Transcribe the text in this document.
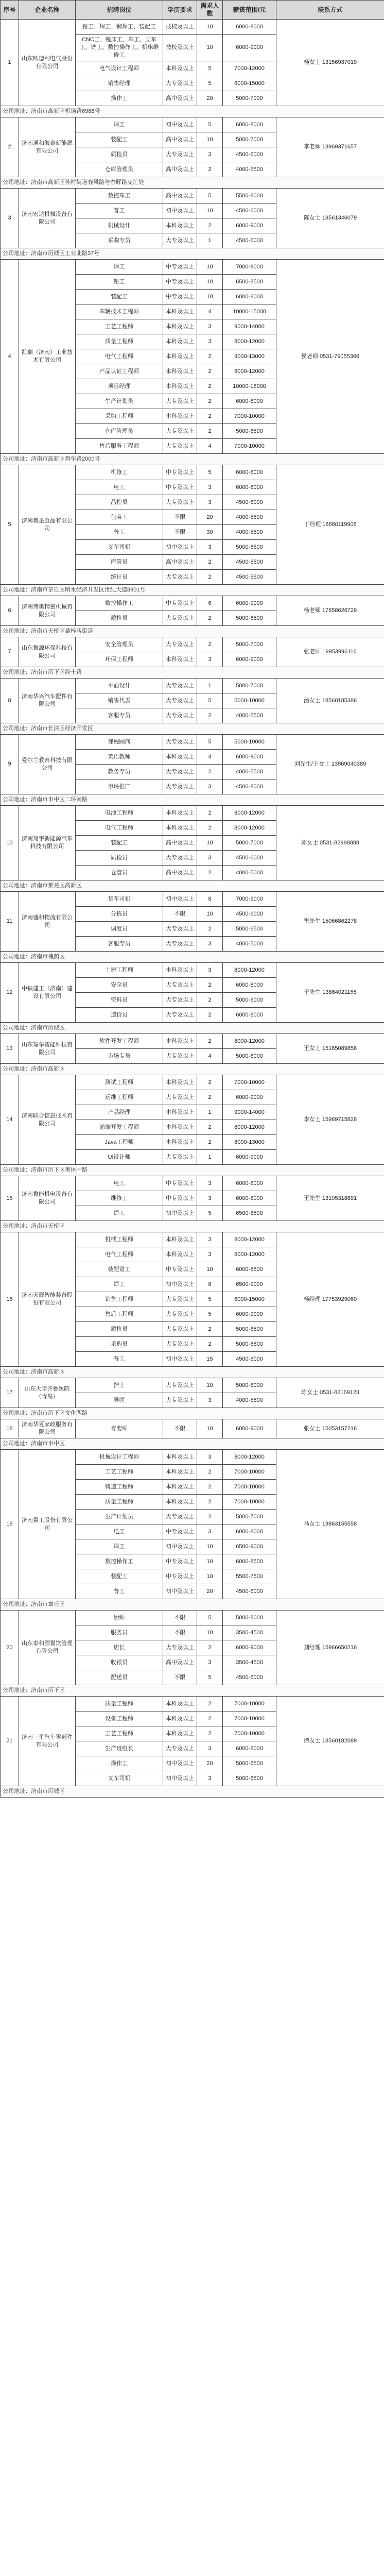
序号	企业名称	招聘岗位	学历要求	需求人数	薪资范围/元	联系方式
1	山东欧德利电气股份有限公司	钳工、焊工、铆焊工、装配工	技校及以上	10	6000-8000	杨女士 13156937019
		CNC工、镗床工、车工、立车工、铣工、数控操作工、机床维修工	技校及以上	10	6000-9000	
		电气设计工程师	本科及以上	5	7000-12000	
		销售经理	大专及以上	5	6000-15000	
		操作工	高中及以上	20	5000-7000	
公司地址：济南市高新区机场路6988号						
2	济南通和海泰新能源有限公司	焊工	初中及以上	5	6000-8000	李老师 13969371657
		装配工	高中及以上	10	5000-7000	
		质检员	大专及以上	3	4500-6000	
		仓库管理员	高中及以上	2	4000-5500	
公司地址：济南市高新区孙村街道春风路与春晖路交汇处						
3	济南宏达机械设备有限公司	数控车工	高中及以上	5	5500-8000	陈女士 18561346079
		普工	初中及以上	10	4500-6000	
		机械设计	本科及以上	2	6000-9000	
		采购专员	大专及以上	1	4500-6000	
公司地址：济南市历城区工业北路37号						
4	凯瑞（济南）工业技术有限公司	焊工	中专及以上	10	7000-9000	侯老师 0531-79055366
		钳工	中专及以上	10	6500-8500	
		装配工	中专及以上	10	6000-8000	
		车辆技术工程师	本科及以上	4	10000-15000	
		工艺工程师	本科及以上	3	9000-14000	
		质量工程师	本科及以上	3	8000-12000	
		电气工程师	本科及以上	2	9000-13000	
		产品认证工程师	本科及以上	2	8000-12000	
		项目经理	本科及以上	2	10000-16000	
		生产计划员	大专及以上	2	6000-8000	
		采购工程师	本科及以上	2	7000-10000	
		仓库管理员	大专及以上	2	5000-6500	
		售后服务工程师	大专及以上	4	7000-10000	
公司地址：济南市高新区舜华路2000号						
5	济南奥圣食品有限公司	机修工	中专及以上	5	6000-8000	丁经理 18660119906
		电工	中专及以上	3	6000-8000	
		品控员	大专及以上	3	4500-6000	
		包装工	不限	20	4000-5500	
		普工	不限	30	4000-5500	
		叉车司机	初中及以上	3	5000-6500	
		库管员	高中及以上	2	4500-5500	
		统计员	大专及以上	2	4500-5500	
公司地址：济南市章丘区明水经济开发区世纪大道8801号						
6	济南博奥精密机械有限公司	数控操作工	中专及以上	6	6000-9000	杨老师 17658626729
		质检员	大专及以上	2	5000-6500	
公司地址：济南市天桥区桑梓店街道						
7	山东鲁源环保科技有限公司	安全管理员	大专及以上	2	5000-7000	张老师 19953996116
		环保工程师	本科及以上	3	6000-9000	
公司地址：济南市历下区经十路						
8	济南华兴汽车配件有限公司	平面设计	大专及以上	1	5000-7000	潘女士 18560185386
		销售代表	大专及以上	5	5000-10000	
		客服专员	大专及以上	2	4000-5500	
公司地址：济南市长清区经济开发区						
9	爱尔兰教育科技有限公司	课程顾问	大专及以上	5	5000-10000	刘先生/王女士 13969040389
		英语教师	本科及以上	4	6000-9000	
		教务专员	大专及以上	2	4000-5500	
		市场推广	大专及以上	3	4500-8000	
公司地址：济南市市中区二环南路						
10	济南翔宇新能源汽车科技有限公司	电池工程师	本科及以上	2	8000-12000	郭女士 0531-82998888
		电气工程师	本科及以上	2	8000-12000	
		装配工	高中及以上	10	5000-7000	
		质检员	大专及以上	3	4500-6000	
		仓管员	高中及以上	2	4000-5000	
公司地址：济南市莱芜区高新区						
11	济南盛和物流有限公司	货车司机	初中及以上	8	7000-9000	崔先生 15066862278
		分拣员	不限	10	4500-6000	
		调度员	大专及以上	2	5000-6500	
		客服专员	大专及以上	3	4000-5000	
公司地址：济南市槐荫区						
12	中铁建工（济南）建设有限公司	土建工程师	本科及以上	3	8000-12000	于先生 13864021155
		安全员	大专及以上	2	6000-8000	
		资料员	大专及以上	2	5000-6000	
		造价员	大专及以上	2	6000-8000	
公司地址：济南市历城区						
13	山东瑞华智能科技有限公司	软件开发工程师	本科及以上	2	8000-12000	王女士 15165089858
		市场专员	大专及以上	4	5000-8000	
公司地址：济南市高新区						
14	济南联合信息技术有限公司	测试工程师	本科及以上	2	7000-10000	李女士 15969715828
		运维工程师	大专及以上	2	6000-9000	
		产品经理	本科及以上	1	9000-14000	
		前端开发工程师	本科及以上	2	8000-12000	
		Java工程师	本科及以上	2	8000-13000	
		UI设计师	大专及以上	1	6000-9000	
公司地址：济南市历下区奥体中路						
15	济南鲁能机电设备有限公司	电工	中专及以上	3	6000-8000	王先生 13105318891
		维修工	中专及以上	3	6000-8000	
		焊工	初中及以上	5	6500-8500	
公司地址：济南市天桥区						
16	济南天辰智能装备股份有限公司	机械工程师	本科及以上	3	8000-12000	杨经理 17753929060
		电气工程师	本科及以上	3	8000-12000	
		装配钳工	中专及以上	10	6000-8500	
		焊工	初中及以上	8	6500-9000	
		销售工程师	大专及以上	5	6000-15000	
		售后工程师	大专及以上	5	6000-9000	
		质检员	大专及以上	2	5000-6500	
		采购员	大专及以上	2	5000-6500	
		普工	初中及以上	15	4500-6000	
公司地址：济南市高新区						
17	山东大学齐鲁医院（青岛）	护士	大专及以上	10	5000-8000	陈女士 0531-82169123
		导医	大专及以上	3	4000-5500	
公司地址：济南市历下区文化西路						
18	济南华夏家政服务有限公司	育婴师	不限	10	6000-9000	张女士 15053157216
公司地址：济南市市中区						
19	济南重工股份有限公司	机械设计工程师	本科及以上	3	8000-12000	马女士 19863155558
		工艺工程师	本科及以上	2	7000-10000	
		铸造工程师	本科及以上	2	7000-10000	
		质量工程师	本科及以上	2	7000-10000	
		生产计划员	大专及以上	2	5000-7000	
		电工	中专及以上	3	6000-8000	
		焊工	初中及以上	10	6500-9000	
		数控操作工	中专及以上	10	6000-8500	
		装配工	中专及以上	10	5500-7500	
		普工	初中及以上	20	4500-6000	
公司地址：济南市章丘区						
20	山东泰和源餐饮管理有限公司	厨师	不限	5	5000-8000	刘经理 15966650216
		服务员	不限	10	3500-4500	
		店长	大专及以上	2	6000-9000	
		收银员	高中及以上	3	3500-4500	
		配送员	不限	5	4500-6000	
公司地址：济南市历下区						
21	济南三星汽车零部件有限公司	质量工程师	本科及以上	2	7000-10000	谭女士 18560182089
		设备工程师	本科及以上	2	7000-10000	
		工艺工程师	本科及以上	2	7000-10000	
		生产班组长	大专及以上	3	6000-8000	
		操作工	初中及以上	20	5000-6500	
		叉车司机	初中及以上	3	5000-6500	
公司地址：济南市历城区						
